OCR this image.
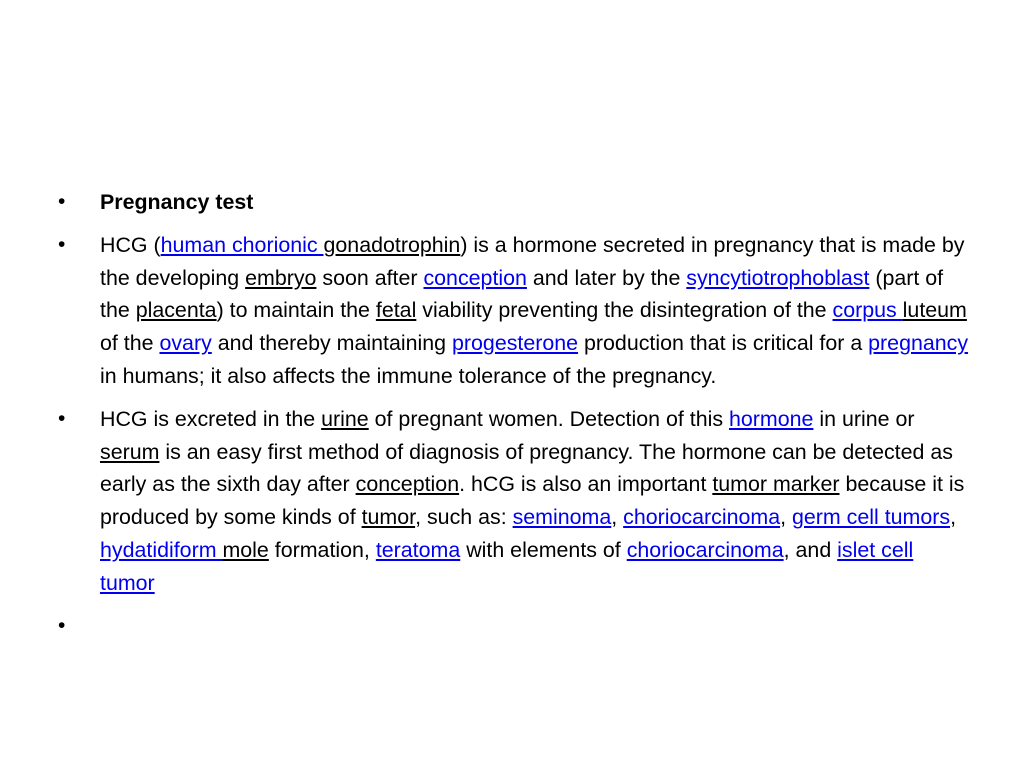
•	Pregnancy test
•	HCG (human chorionic gonadotrophin) is a hormone secreted in pregnancy that is made by the developing embryo soon after conception and later by the syncytiotrophoblast (part of the placenta) to maintain the fetal viability preventing the disintegration of the corpus luteum of the ovary and thereby maintaining progesterone production that is critical for a pregnancy in humans; it also affects the immune tolerance of the pregnancy.
•	HCG is excreted in the urine of pregnant women. Detection of this hormone in urine or serum is an easy first method of diagnosis of pregnancy. The hormone can be detected as early as the sixth day after conception. hCG is also an important tumor marker because it is produced by some kinds of tumor, such as: seminoma, choriocarcinoma, germ cell tumors, hydatidiform mole formation, teratoma with elements of choriocarcinoma, and islet cell tumor
•
